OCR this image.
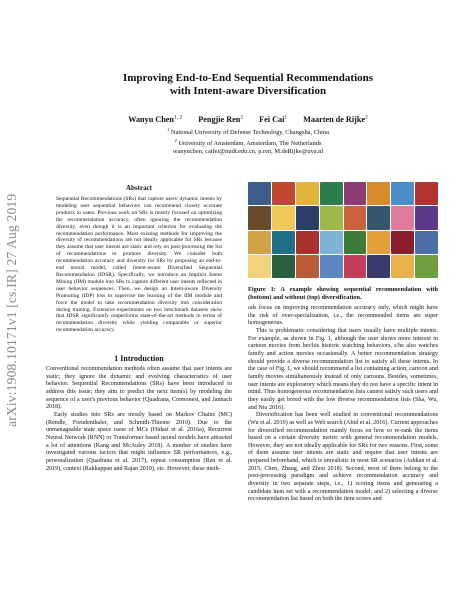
arXiv:1908.10171v1 [cs.IR] 27 Aug 2019
Improving End-to-End Sequential Recommendations
with Intent-aware Diversification
Wanyu Chen$^{1, 2}$ Pengjie Ren$^2$ Fei Cai$^1$ Maarten de Rijke$^2$
$^1$ National University of Defense Technology, Changsha, China
$^2$ University of Amsterdam, Amsterdam, The Netherlands
wanyuchen, caifei@nudt.edu.cn, p.ren, M.deRijke@uva.nl
Abstract
Sequential Recommendations (SRs) that capture users' dynamic intents by modeling user sequential behaviors can recommend closely accurate products to users. Previous work on SRs is mostly focused on optimizing the recommendation accuracy, often ignoring the recommendation diversity, even though it is an important criterion for evaluating the recommendation performance. Most existing methods for improving the diversity of recommendations are not ideally applicable for SRs because they assume that user intents are static and rely on post-processing the list of recommendations to promote diversity. We consider both recommendation accuracy and diversity for SRs by proposing an end-to-end neural model, called Intent-aware Diversified Sequential Recommendation (IDSR). Specifically, we introduce an Implicit Intent Mining (IIM) module into SRs to capture different user intents reflected in user behavior sequences. Then, we design an Intent-aware Diversity Promoting (IDP) loss to supervise the learning of the IIM module and force the model to take recommendation diversity into consideration during training. Extensive experiments on two benchmark datasets show that IDSR significantly outperforms state-of-the-art methods in terms of recommendation diversity while yielding comparable or superior recommendation accuracy.
1 Introduction

Conventional recommendation methods often assume that user intents are static; they ignore the dynamic and evolving characteristics of user behavior. Sequential Recommendations (SRs) have been introduced to address this issue; they aim to predict the next item(s) by modeling the sequence of a user's previous behavior (Quadrana, Cremonesi, and Jannach 2018).

Early studies into SRs are mostly based on Markov Chains (MC) (Rendle, Freudenthaler, and Schmidt-Thieme 2010). Due to the unmanageable state space issue of MCs (Hidasi et al. 2016a), Recurrent Neural Network (RNN) or Transformer based neural models have attracted a lot of attentions (Kang and McAuley 2018). A number of studies have investigated various factors that might influence SR performances, e.g., personalization (Quadrana et al. 2017), repeat consumption (Ren et al. 2019), context (Rakkappan and Rajan 2019), etc. However, these meth-

Figure 1: A example showing sequential recommendation with (bottom) and without (top) diversification.

ods focus on improving recommendation accuracy only, which might have the risk of over-specialization, i.e., the recommended items are super homogeneous.

This is problematic considering that users usually have multiple intents. For example, as shown in Fig. 1, although the user shows more interest in cartoon movies from her/his historic watching behaviors, s/he also watches family and action movies occasionally. A better recommendation strategy should provide a diverse recommendation list to satisfy all these intents. In the case of Fig. 1, we should recommend a list containing action, cartoon and family movies simultaneously instead of only cartoons. Besides, sometimes, user intents are exploratory which means they do not have a specific intent in mind. Thus homogeneous recommendation lists cannot satisfy such users and they easily get bored with the low diverse recommendation lists (Sha, Wu, and Niu 2016).

Diversification has been well studied in conventional recommendations (Wu et al. 2019) as well as Web search (Abid et al. 2016). Current approaches for diversified recommendation mainly focus on how to re-rank the items based on a certain diversity metric with general recommendation models. However, they are not ideally applicable for SRs for two reasons. First, some of them assume user intents are static and require that user intents are prepared beforehand, which is unrealistic in most SR scenarios (Ashkan et al. 2015; Chen, Zhang, and Zhou 2018). Second, most of them belong to the post-processing paradigm and achieve recommendation accuracy and diversity in two separate steps, i.e., 1) scoring items and generating a candidate item set with a recommendation model; and 2) selecting a diverse recommendation list based on both the item scores and
